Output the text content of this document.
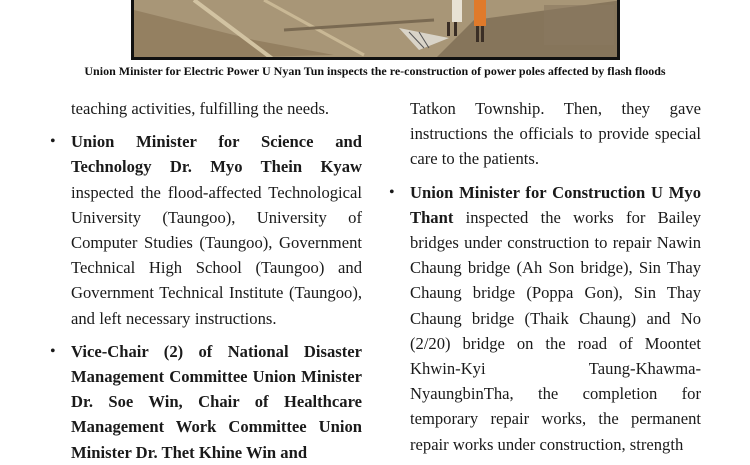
Union Minister for Electric Power U Nyan Tun inspects the re-construction of power poles affected by flash floods

teaching activities, fulfilling the needs.

• Union Minister for Science and Technology Dr. Myo Thein Kyaw inspected the flood-affected Technological University (Taungoo), University of Computer Studies (Taungoo), Government Technical High School (Taungoo) and Government Technical Institute (Taungoo), and left necessary instructions.

• Vice-Chair (2) of National Disaster Management Committee Union Minister Dr. Soe Win, Chair of Healthcare Management Work Committee Union Minister Dr. Thet Khine Win and

Tatkon Township. Then, they gave instructions the officials to provide special care to the patients.

• Union Minister for Construction U Myo Thant inspected the works for Bailey bridges under construction to repair Nawin Chaung bridge (Ah Son bridge), Sin Thay Chaung bridge (Poppa Gon), Sin Thay Chaung bridge (Thaik Chaung) and No (2/20) bridge on the road of Moontet Khwin-Kyi Taung-Khawma-NyaungbinTha, the completion for temporary repair works, the permanent repair works under construction, strength
